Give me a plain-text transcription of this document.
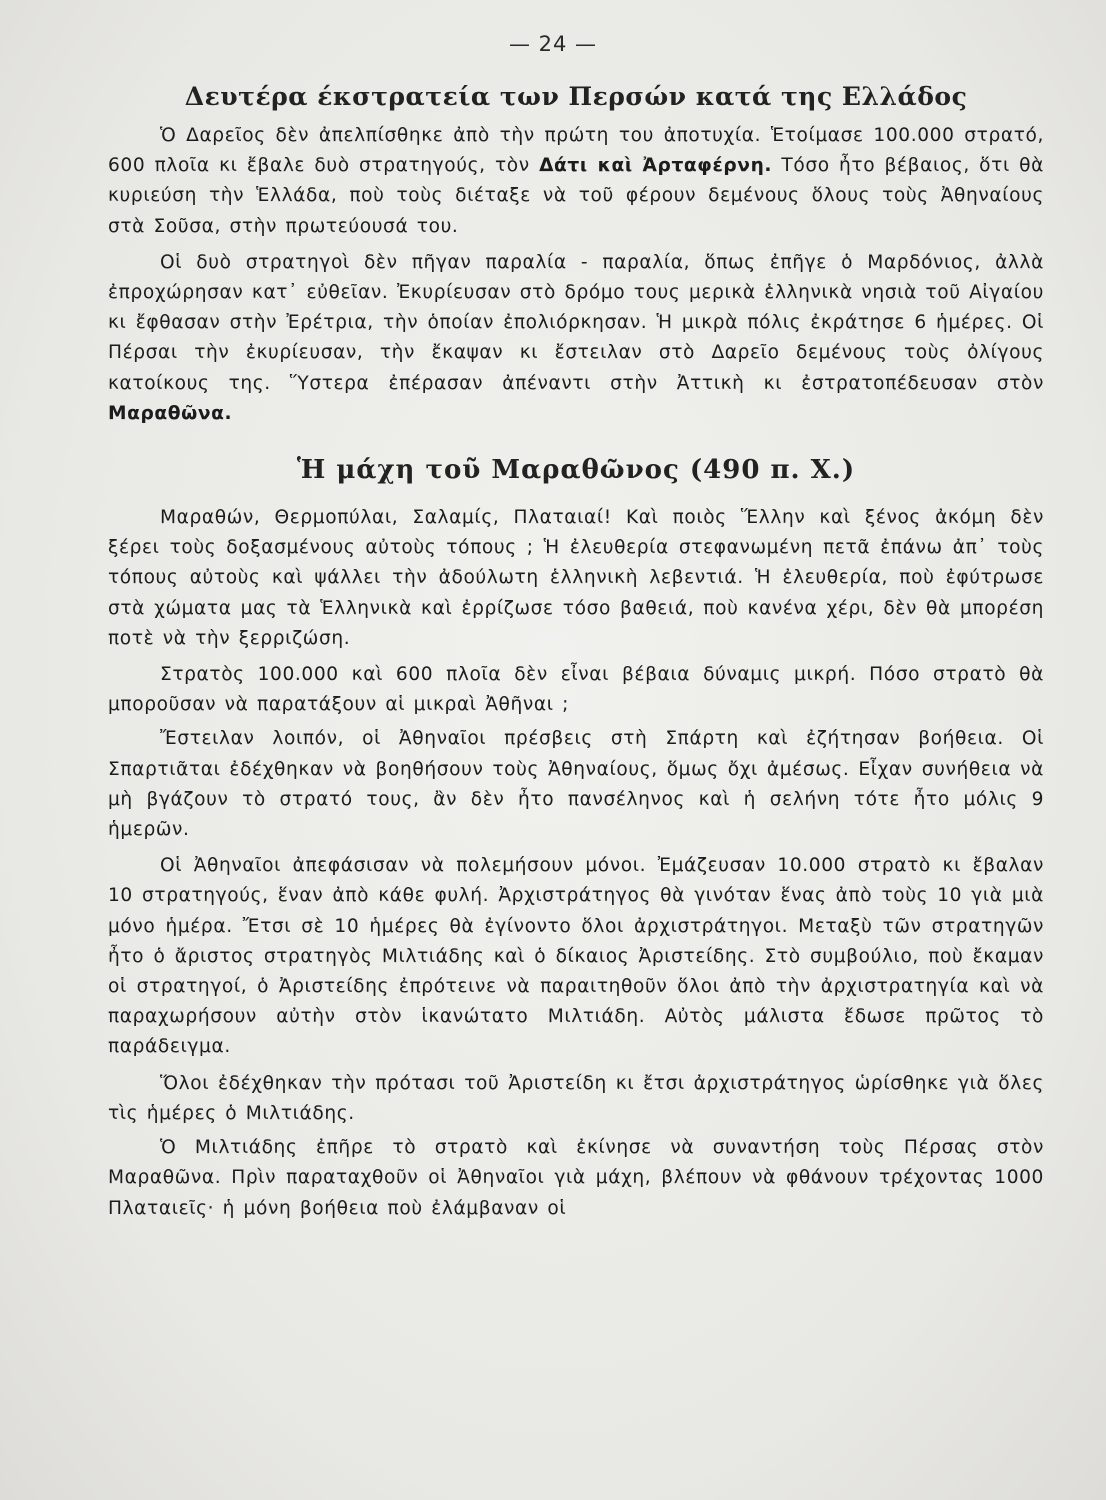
— 24 —
Δευτέρα έκστρατεία των Περσών κατά της Ελλάδος

Ὁ Δαρεῖος δὲν ἀπελπίσθηκε ἀπὸ τὴν πρώτη του ἀποτυχία. Ἑτοίμασε 100.000 στρατό, 600 πλοῖα κι ἔβαλε δυὸ στρατηγούς, τὸν Δάτι καὶ Ἀρταφέρνη. Τόσο ἦτο βέβαιος, ὅτι θὰ κυριεύση τὴν Ἑλλάδα, ποὺ τοὺς διέταξε νὰ τοῦ φέρουν δεμένους ὅλους τοὺς Ἀθηναίους στὰ Σοῦσα, στὴν πρωτεύουσά του.

Οἱ δυὸ στρατηγοὶ δὲν πῆγαν παραλία - παραλία, ὅπως ἐπῆγε ὁ Μαρδόνιος, ἀλλὰ ἐπροχώρησαν κατ᾽ εὐθεῖαν. Ἐκυρίευσαν στὸ δρόμο τους μερικὰ ἑλληνικὰ νησιὰ τοῦ Αἰγαίου κι ἔφθασαν στὴν Ἐρέτρια, τὴν ὁποίαν ἐπολιόρκησαν. Ἡ μικρὰ πόλις ἐκράτησε 6 ἡμέρες. Οἱ Πέρσαι τὴν ἐκυρίευσαν, τὴν ἔκαψαν κι ἔστειλαν στὸ Δαρεῖο δεμένους τοὺς ὀλίγους κατοίκους της. Ὕστερα ἐπέρασαν ἀπέναντι στὴν Ἀττικὴ κι ἐστρατοπέδευσαν στὸν Μαραθῶνα.

Ἡ μάχη τοῦ Μαραθῶνος (490 π. Χ.)

Μαραθών, Θερμοπύλαι, Σαλαμίς, Πλαταιαί! Καὶ ποιὸς Ἕλλην καὶ ξένος ἀκόμη δὲν ξέρει τοὺς δοξασμένους αὐτοὺς τόπους ; Ἡ ἐλευθερία στεφανωμένη πετᾶ ἐπάνω ἀπ᾽ τοὺς τόπους αὐτοὺς καὶ ψάλλει τὴν ἀδούλωτη ἑλληνικὴ λεβεντιά. Ἡ ἐλευθερία, ποὺ ἐφύτρωσε στὰ χώματα μας τὰ Ἑλληνικὰ καὶ ἐρρίζωσε τόσο βαθειά, ποὺ κανένα χέρι, δὲν θὰ μπορέση ποτὲ νὰ τὴν ξερριζώση.

Στρατὸς 100.000 καὶ 600 πλοῖα δὲν εἶναι βέβαια δύναμις μικρή. Πόσο στρατὸ θὰ μποροῦσαν νὰ παρατάξουν αἱ μικραὶ Ἀθῆναι ;

Ἔστειλαν λοιπόν, οἱ Ἀθηναῖοι πρέσβεις στὴ Σπάρτη καὶ ἐζήτησαν βοήθεια. Οἱ Σπαρτιᾶται ἐδέχθηκαν νὰ βοηθήσουν τοὺς Ἀθηναίους, ὅμως ὄχι ἀμέσως. Εἶχαν συνήθεια νὰ μὴ βγάζουν τὸ στρατό τους, ἂν δὲν ἦτο πανσέληνος καὶ ἡ σελήνη τότε ἦτο μόλις 9 ἡμερῶν.

Οἱ Ἀθηναῖοι ἀπεφάσισαν νὰ πολεμήσουν μόνοι. Ἐμάζευσαν 10.000 στρατὸ κι ἔβαλαν 10 στρατηγούς, ἕναν ἀπὸ κάθε φυλή. Ἀρχιστράτηγος θὰ γινόταν ἕνας ἀπὸ τοὺς 10 γιὰ μιὰ μόνο ἡμέρα. Ἔτσι σὲ 10 ἡμέρες θὰ ἐγίνοντο ὅλοι ἀρχιστράτηγοι. Μεταξὺ τῶν στρατηγῶν ἦτο ὁ ἄριστος στρατηγὸς Μιλτιάδης καὶ ὁ δίκαιος Ἀριστείδης. Στὸ συμβούλιο, ποὺ ἔκαμαν οἱ στρατηγοί, ὁ Ἀριστείδης ἐπρότεινε νὰ παραιτηθοῦν ὅλοι ἀπὸ τὴν ἀρχιστρατηγία καὶ νὰ παραχωρήσουν αὐτὴν στὸν ἱκανώτατο Μιλτιάδη. Αὐτὸς μάλιστα ἔδωσε πρῶτος τὸ παράδειγμα.

Ὅλοι ἐδέχθηκαν τὴν πρότασι τοῦ Ἀριστείδη κι ἔτσι ἀρχιστράτηγος ὡρίσθηκε γιὰ ὅλες τὶς ἡμέρες ὁ Μιλτιάδης.

Ὁ Μιλτιάδης ἐπῆρε τὸ στρατὸ καὶ ἐκίνησε νὰ συναντήση τοὺς Πέρσας στὸν Μαραθῶνα. Πρὶν παραταχθοῦν οἱ Ἀθηναῖοι γιὰ μάχη, βλέπουν νὰ φθάνουν τρέχοντας 1000 Πλαταιεῖς· ἡ μόνη βοήθεια ποὺ ἐλάμβαναν οἱ
